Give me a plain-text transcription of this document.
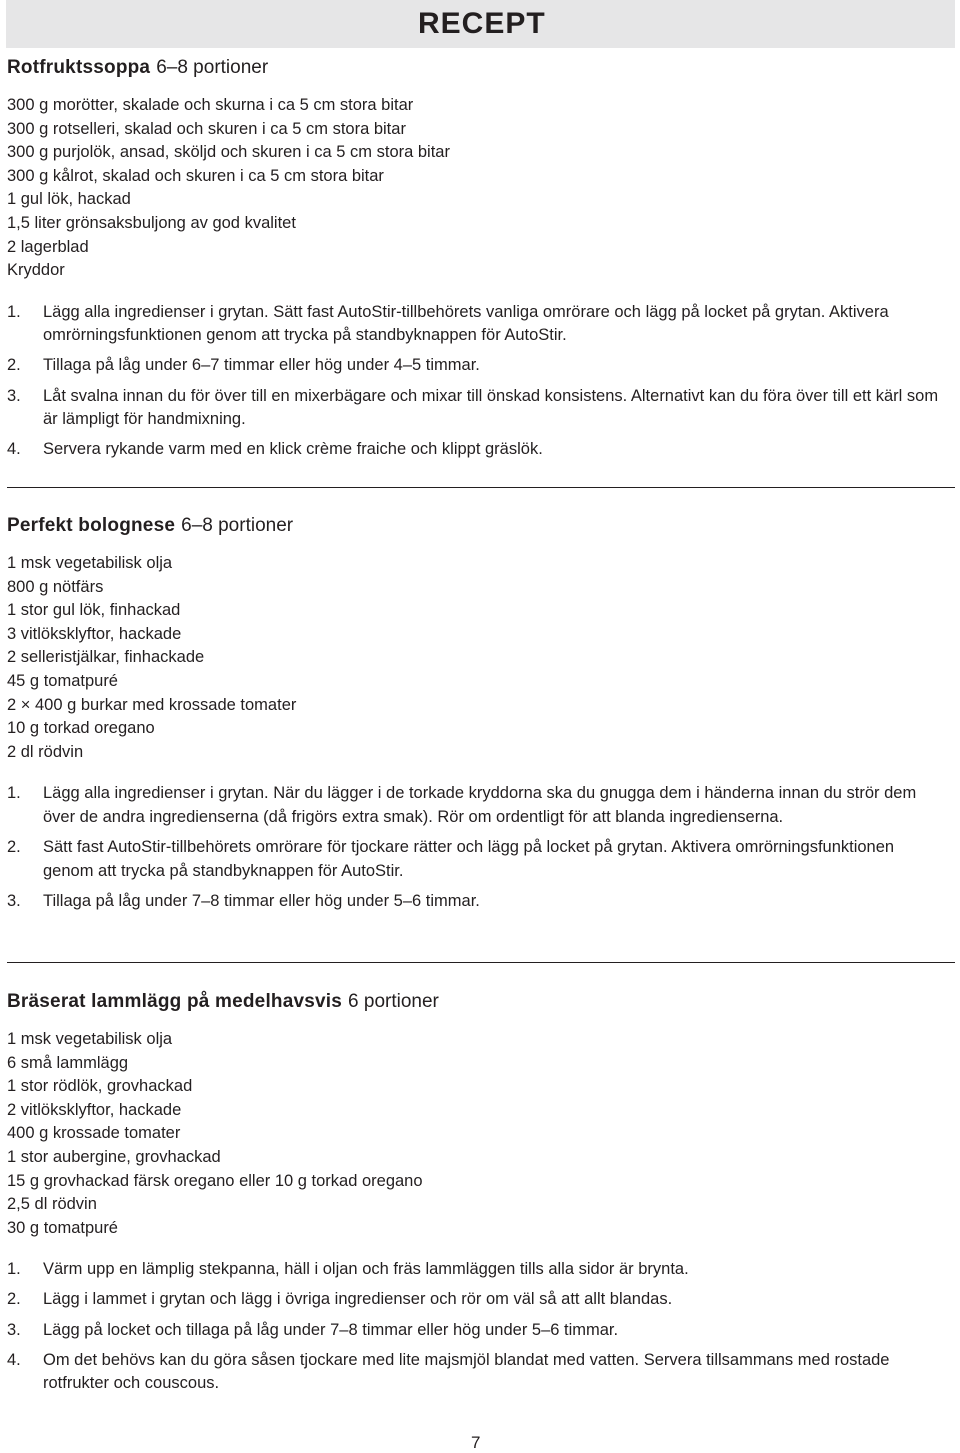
RECEPT
Rotfruktssoppa 6–8 portioner
300 g morötter, skalade och skurna i ca 5 cm stora bitar
300 g rotselleri, skalad och skuren i ca 5 cm stora bitar
300 g purjolök, ansad, sköljd och skuren i ca 5 cm stora bitar
300 g kålrot, skalad och skuren i ca 5 cm stora bitar
1 gul lök, hackad
1,5 liter grönsaksbuljong av god kvalitet
2 lagerblad
Kryddor
1.	Lägg alla ingredienser i grytan. Sätt fast AutoStir-tillbehörets vanliga omrörare och lägg på locket på grytan. Aktivera omrörningsfunktionen genom att trycka på standbyknappen för AutoStir.
2.	Tillaga på låg under 6–7 timmar eller hög under 4–5 timmar.
3.	Låt svalna innan du för över till en mixerbägare och mixar till önskad konsistens. Alternativt kan du föra över till ett kärl som är lämpligt för handmixning.
4.	Servera rykande varm med en klick crème fraiche och klippt gräslök.
Perfekt bolognese 6–8 portioner
1 msk vegetabilisk olja
800 g nötfärs
1 stor gul lök, finhackad
3 vitlöksklyftor, hackade
2 selleristjälkar, finhackade
45 g tomatpuré
2 × 400 g burkar med krossade tomater
10 g torkad oregano
2 dl rödvin
1.	Lägg alla ingredienser i grytan. När du lägger i de torkade kryddorna ska du gnugga dem i händerna innan du strör dem över de andra ingredienserna (då frigörs extra smak). Rör om ordentligt för att blanda ingredienserna.
2.	Sätt fast AutoStir-tillbehörets omrörare för tjockare rätter och lägg på locket på grytan. Aktivera omrörningsfunktionen genom att trycka på standbyknappen för AutoStir.
3.	Tillaga på låg under 7–8 timmar eller hög under 5–6 timmar.
Bräserat lammlägg på medelhavsvis 6 portioner
1 msk vegetabilisk olja
6 små lammlägg
1 stor rödlök, grovhackad
2 vitlöksklyftor, hackade
400 g krossade tomater
1 stor aubergine, grovhackad
15 g grovhackad färsk oregano eller 10 g torkad oregano
2,5 dl rödvin
30 g tomatpuré
1.	Värm upp en lämplig stekpanna, häll i oljan och fräs lammläggen tills alla sidor är brynta.
2.	Lägg i lammet i grytan och lägg i övriga ingredienser och rör om väl så att allt blandas.
3.	Lägg på locket och tillaga på låg under 7–8 timmar eller hög under 5–6 timmar.
4.	Om det behövs kan du göra såsen tjockare med lite majsmjöl blandat med vatten. Servera tillsammans med rostade rotfrukter och couscous.
7
